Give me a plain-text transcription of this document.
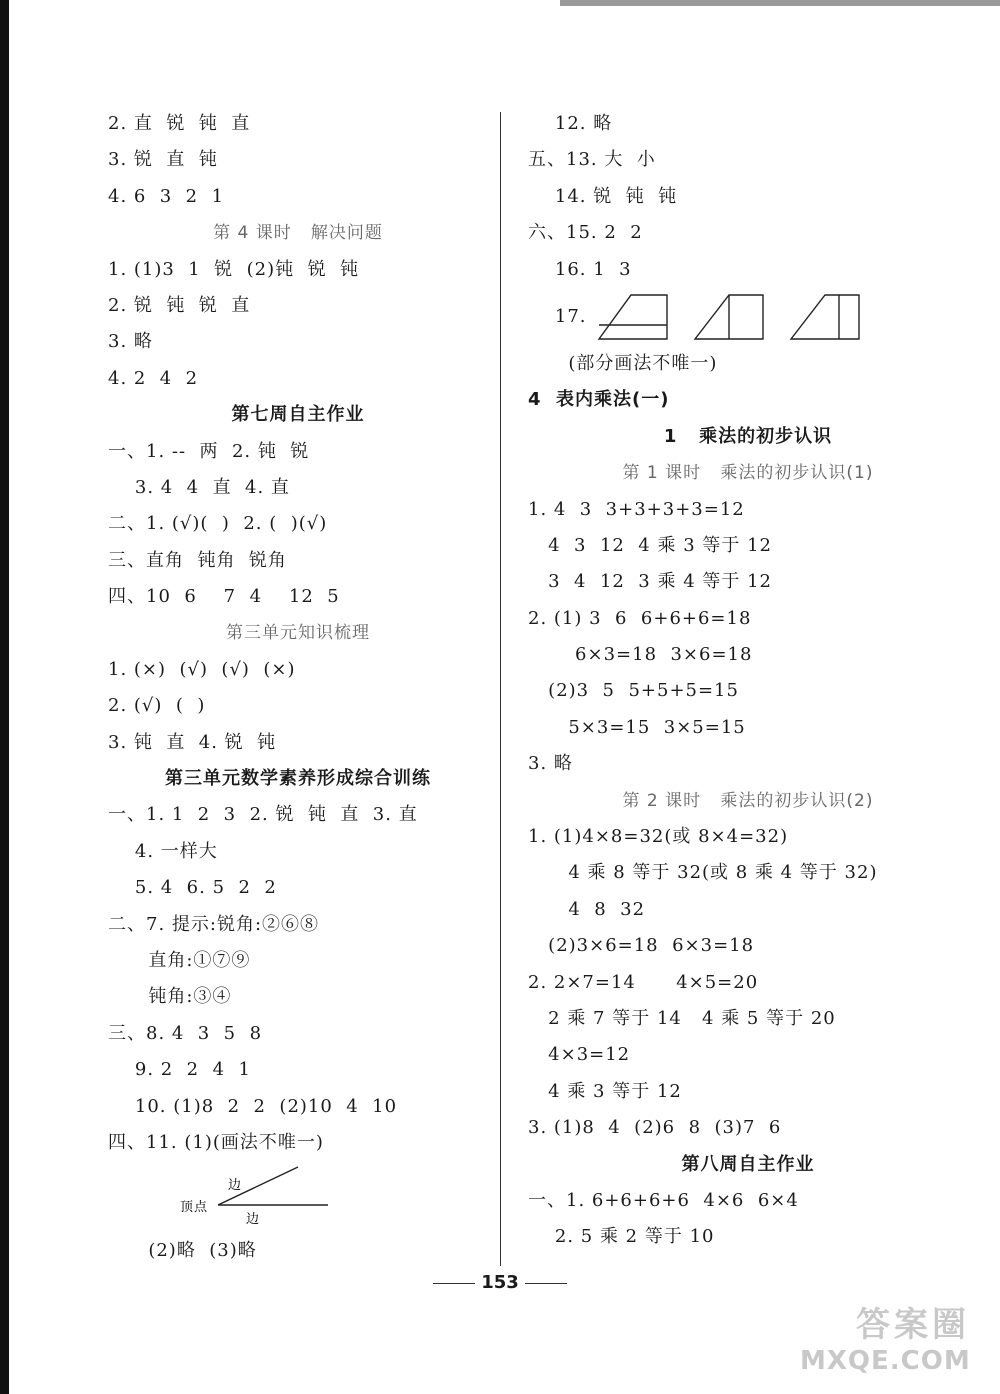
2. 直  锐  钝  直
3. 锐  直  钝
4. 6  3  2  1
第 4 课时   解决问题
1. (1)3  1  锐  (2)钝  锐  钝
2. 锐  钝  锐  直
3. 略
4. 2  4  2
第七周自主作业
一、1. --  两  2. 钝  锐
3. 4  4  直  4. 直
二、1. (√)(  )  2. (  )(√)
三、直角  钝角  锐角
四、10  6    7  4    12  5
第三单元知识梳理
1. (×)  (√)  (√)  (×)
2. (√)  (  )
3. 钝  直  4. 锐  钝
第三单元数学素养形成综合训练
一、1. 1  2  3  2. 锐  钝  直  3. 直
4. 一样大
5. 4  6. 5  2  2
二、7. 提示:锐角:②⑥⑧
直角:①⑦⑨
钝角:③④
三、8. 4  3  5  8
9. 2  2  4  1
10. (1)8  2  2  (2)10  4  10
四、11. (1)(画法不唯一)
边
顶点
边
(2)略  (3)略
12. 略
五、13. 大  小
14. 锐  钝  钝
六、15. 2  2
16. 1  3
17.
(部分画法不唯一)
4  表内乘法(一)
1   乘法的初步认识
第 1 课时   乘法的初步认识(1)
1. 4  3  3+3+3+3=12
4  3  12  4 乘 3 等于 12
3  4  12  3 乘 4 等于 12
2. (1) 3  6  6+6+6=18
6×3=18  3×6=18
(2)3  5  5+5+5=15
5×3=15  3×5=15
3. 略
第 2 课时   乘法的初步认识(2)
1. (1)4×8=32(或 8×4=32)
4 乘 8 等于 32(或 8 乘 4 等于 32)
4  8  32
(2)3×6=18  6×3=18
2. 2×7=14      4×5=20
2 乘 7 等于 14   4 乘 5 等于 20
4×3=12
4 乘 3 等于 12
3. (1)8  4  (2)6  8  (3)7  6
第八周自主作业
一、1. 6+6+6+6  4×6  6×4
2. 5 乘 2 等于 10
153
答案圈
MXQE.COM
